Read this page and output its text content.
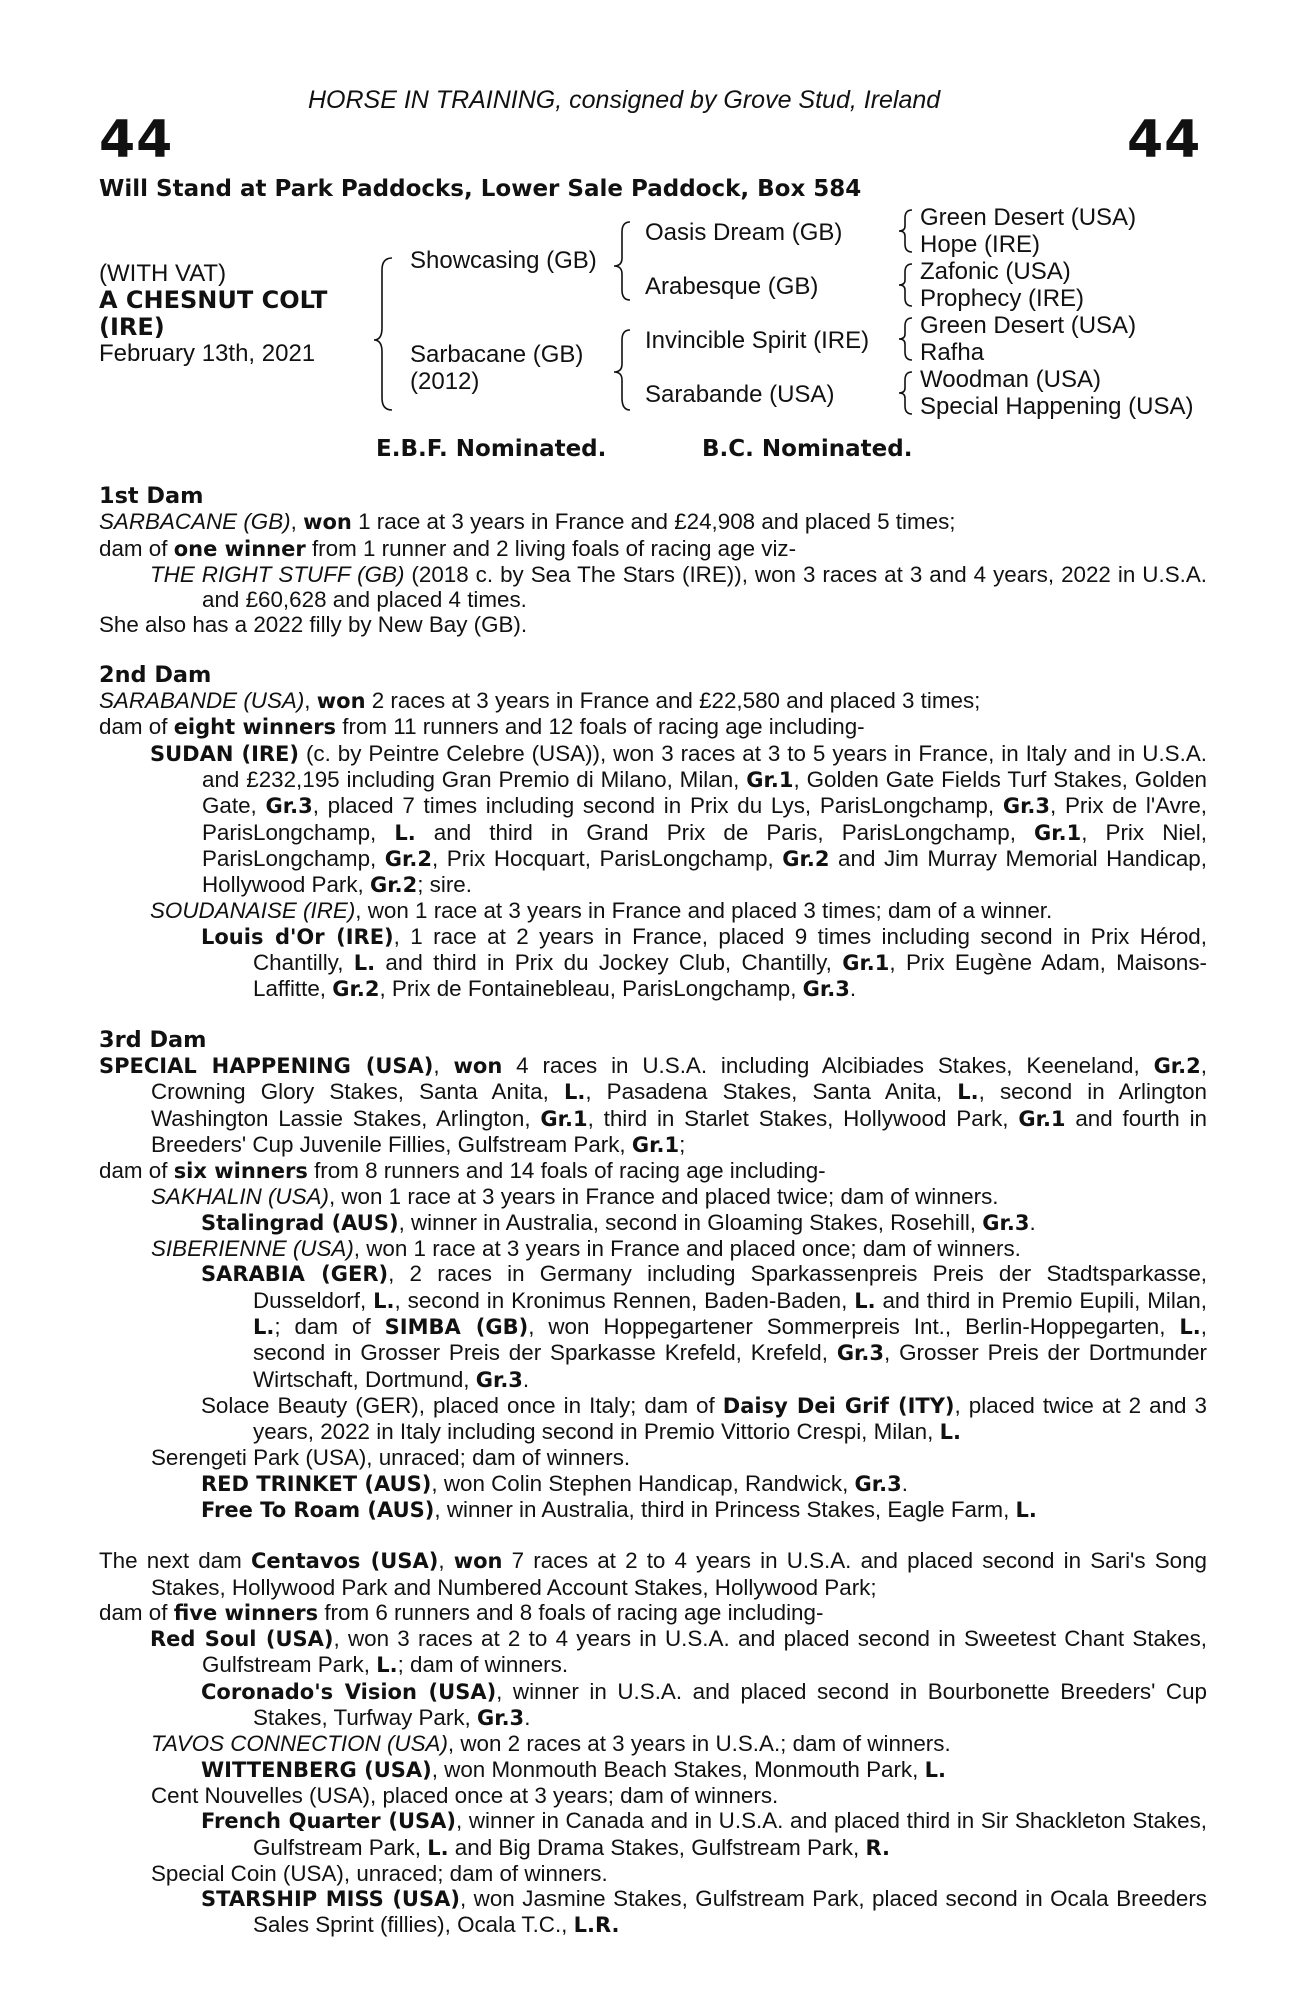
HORSE IN TRAINING, consigned by Grove Stud, Ireland
44	44
Will Stand at Park Paddocks, Lower Sale Paddock, Box 584
(WITH VAT)
A CHESNUT COLT
(IRE)
February 13th, 2021
Showcasing (GB)
Sarbacane (GB)
(2012)
Oasis Dream (GB)
Arabesque (GB)
Invincible Spirit (IRE)
Sarabande (USA)
Green Desert (USA)
Hope (IRE)
Zafonic (USA)
Prophecy (IRE)
Green Desert (USA)
Rafha
Woodman (USA)
Special Happening (USA)
E.B.F. Nominated.	B.C. Nominated.

1st Dam

SARBACANE (GB), won 1 race at 3 years in France and £24,908 and placed 5 times;

dam of one winner from 1 runner and 2 living foals of racing age viz-

THE RIGHT STUFF (GB) (2018 c. by Sea The Stars (IRE)), won 3 races at 3 and 4 years, 2022 in U.S.A. and £60,628 and placed 4 times.

She also has a 2022 filly by New Bay (GB).

2nd Dam

SARABANDE (USA), won 2 races at 3 years in France and £22,580 and placed 3 times;

dam of eight winners from 11 runners and 12 foals of racing age including-

SUDAN (IRE) (c. by Peintre Celebre (USA)), won 3 races at 3 to 5 years in France, in Italy and in U.S.A. and £232,195 including Gran Premio di Milano, Milan, Gr.1, Golden Gate Fields Turf Stakes, Golden Gate, Gr.3, placed 7 times including second in Prix du Lys, ParisLongchamp, Gr.3, Prix de l'Avre, ParisLongchamp, L. and third in Grand Prix de Paris, ParisLongchamp, Gr.1, Prix Niel, ParisLongchamp, Gr.2, Prix Hocquart, ParisLongchamp, Gr.2 and Jim Murray Memorial Handicap, Hollywood Park, Gr.2; sire.

SOUDANAISE (IRE), won 1 race at 3 years in France and placed 3 times; dam of a winner.

Louis d'Or (IRE), 1 race at 2 years in France, placed 9 times including second in Prix Hérod, Chantilly, L. and third in Prix du Jockey Club, Chantilly, Gr.1, Prix Eugène Adam, Maisons-Laffitte, Gr.2, Prix de Fontainebleau, ParisLongchamp, Gr.3.

3rd Dam

SPECIAL HAPPENING (USA), won 4 races in U.S.A. including Alcibiades Stakes, Keeneland, Gr.2, Crowning Glory Stakes, Santa Anita, L., Pasadena Stakes, Santa Anita, L., second in Arlington Washington Lassie Stakes, Arlington, Gr.1, third in Starlet Stakes, Hollywood Park, Gr.1 and fourth in Breeders' Cup Juvenile Fillies, Gulfstream Park, Gr.1;

dam of six winners from 8 runners and 14 foals of racing age including-

SAKHALIN (USA), won 1 race at 3 years in France and placed twice; dam of winners.

Stalingrad (AUS), winner in Australia, second in Gloaming Stakes, Rosehill, Gr.3.

SIBERIENNE (USA), won 1 race at 3 years in France and placed once; dam of winners.

SARABIA (GER), 2 races in Germany including Sparkassenpreis Preis der Stadtsparkasse, Dusseldorf, L., second in Kronimus Rennen, Baden-Baden, L. and third in Premio Eupili, Milan, L.; dam of SIMBA (GB), won Hoppegartener Sommerpreis Int., Berlin-Hoppegarten, L., second in Grosser Preis der Sparkasse Krefeld, Krefeld, Gr.3, Grosser Preis der Dortmunder Wirtschaft, Dortmund, Gr.3.

Solace Beauty (GER), placed once in Italy; dam of Daisy Dei Grif (ITY), placed twice at 2 and 3 years, 2022 in Italy including second in Premio Vittorio Crespi, Milan, L.

Serengeti Park (USA), unraced; dam of winners.

RED TRINKET (AUS), won Colin Stephen Handicap, Randwick, Gr.3.

Free To Roam (AUS), winner in Australia, third in Princess Stakes, Eagle Farm, L.

The next dam Centavos (USA), won 7 races at 2 to 4 years in U.S.A. and placed second in Sari's Song Stakes, Hollywood Park and Numbered Account Stakes, Hollywood Park;

dam of five winners from 6 runners and 8 foals of racing age including-

Red Soul (USA), won 3 races at 2 to 4 years in U.S.A. and placed second in Sweetest Chant Stakes, Gulfstream Park, L.; dam of winners.

Coronado's Vision (USA), winner in U.S.A. and placed second in Bourbonette Breeders' Cup Stakes, Turfway Park, Gr.3.

TAVOS CONNECTION (USA), won 2 races at 3 years in U.S.A.; dam of winners.

WITTENBERG (USA), won Monmouth Beach Stakes, Monmouth Park, L.

Cent Nouvelles (USA), placed once at 3 years; dam of winners.

French Quarter (USA), winner in Canada and in U.S.A. and placed third in Sir Shackleton Stakes, Gulfstream Park, L. and Big Drama Stakes, Gulfstream Park, R.

Special Coin (USA), unraced; dam of winners.

STARSHIP MISS (USA), won Jasmine Stakes, Gulfstream Park, placed second in Ocala Breeders Sales Sprint (fillies), Ocala T.C., L.R.
